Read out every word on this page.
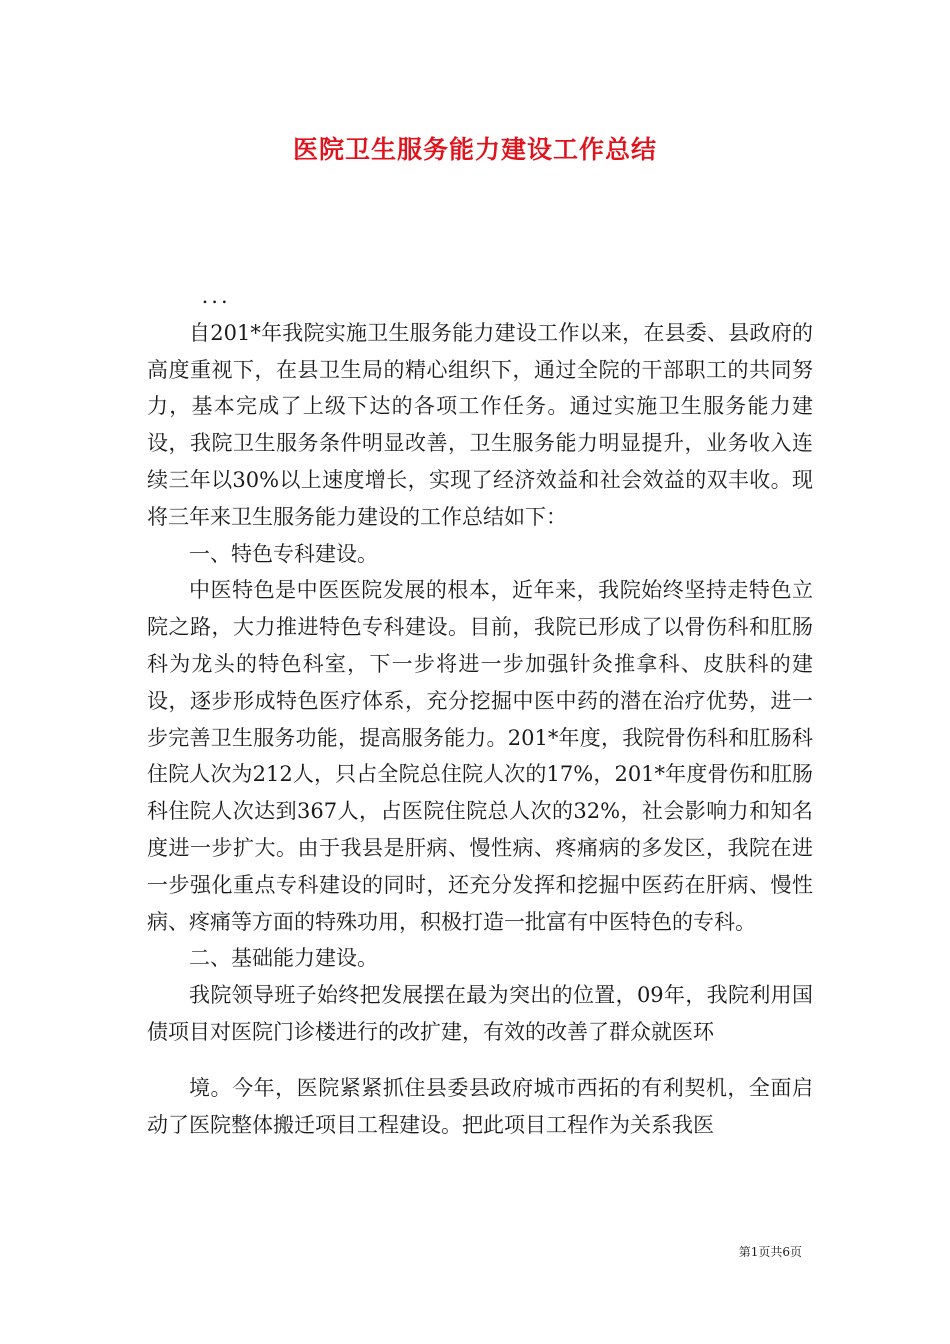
医院卫生服务能力建设工作总结

...

自201*年我院实施卫生服务能力建设工作以来，在县委、县政府的高度重视下，在县卫生局的精心组织下，通过全院的干部职工的共同努力，基本完成了上级下达的各项工作任务。通过实施卫生服务能力建设，我院卫生服务条件明显改善，卫生服务能力明显提升，业务收入连续三年以30%以上速度增长，实现了经济效益和社会效益的双丰收。现将三年来卫生服务能力建设的工作总结如下：

一、特色专科建设。

中医特色是中医医院发展的根本，近年来，我院始终坚持走特色立院之路，大力推进特色专科建设。目前，我院已形成了以骨伤科和肛肠科为龙头的特色科室，下一步将进一步加强针灸推拿科、皮肤科的建设，逐步形成特色医疗体系，充分挖掘中医中药的潜在治疗优势，进一步完善卫生服务功能，提高服务能力。201*年度，我院骨伤科和肛肠科住院人次为212人，只占全院总住院人次的17%，201*年度骨伤和肛肠科住院人次达到367人，占医院住院总人次的32%，社会影响力和知名度进一步扩大。由于我县是肝病、慢性病、疼痛病的多发区，我院在进一步强化重点专科建设的同时，还充分发挥和挖掘中医药在肝病、慢性病、疼痛等方面的特殊功用，积极打造一批富有中医特色的专科。

二、基础能力建设。

我院领导班子始终把发展摆在最为突出的位置，09年，我院利用国债项目对医院门诊楼进行的改扩建，有效的改善了群众就医环

境。今年，医院紧紧抓住县委县政府城市西拓的有利契机，全面启动了医院整体搬迁项目工程建设。把此项目工程作为关系我医

第1页共6页
